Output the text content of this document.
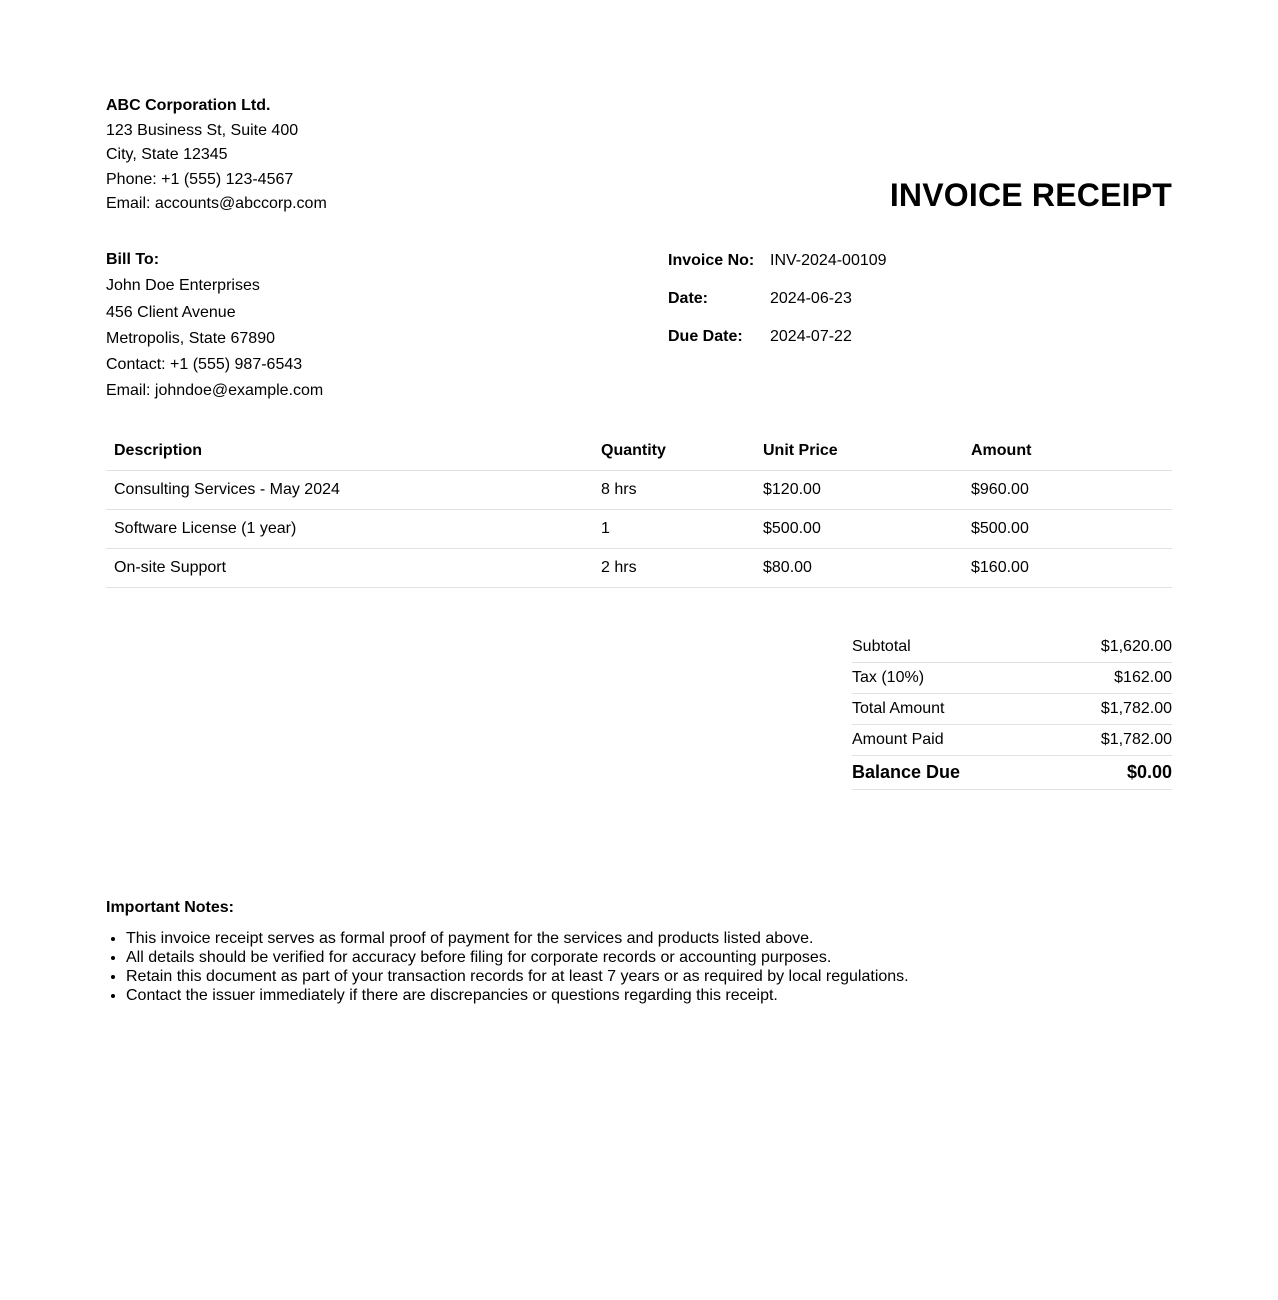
ABC Corporation Ltd.
123 Business St, Suite 400
City, State 12345
Phone: +1 (555) 123-4567
Email: accounts@abccorp.com	INVOICE RECEIPT
Bill To:
John Doe Enterprises
456 Client Avenue
Metropolis, State 67890
Contact: +1 (555) 987-6543
Email: johndoe@example.com
Invoice No: INV-2024-00109
Date:	2024-06-23
Due Date:	2024-07-22
Description	Quantity	Unit Price	Amount
Consulting Services - May 2024	8 hrs	$120.00	$960.00
Software License (1 year)	1	$500.00	$500.00
On-site Support	2 hrs	$80.00	$160.00
Subtotal	$1,620.00
Tax (10%)	$162.00
Total Amount	$1,782.00
Amount Paid	$1,782.00
Balance Due	$0.00
Important Notes:
• This invoice receipt serves as formal proof of payment for the services and products listed above.
• All details should be verified for accuracy before filing for corporate records or accounting purposes.
• Retain this document as part of your transaction records for at least 7 years or as required by local regulations.
• Contact the issuer immediately if there are discrepancies or questions regarding this receipt.
